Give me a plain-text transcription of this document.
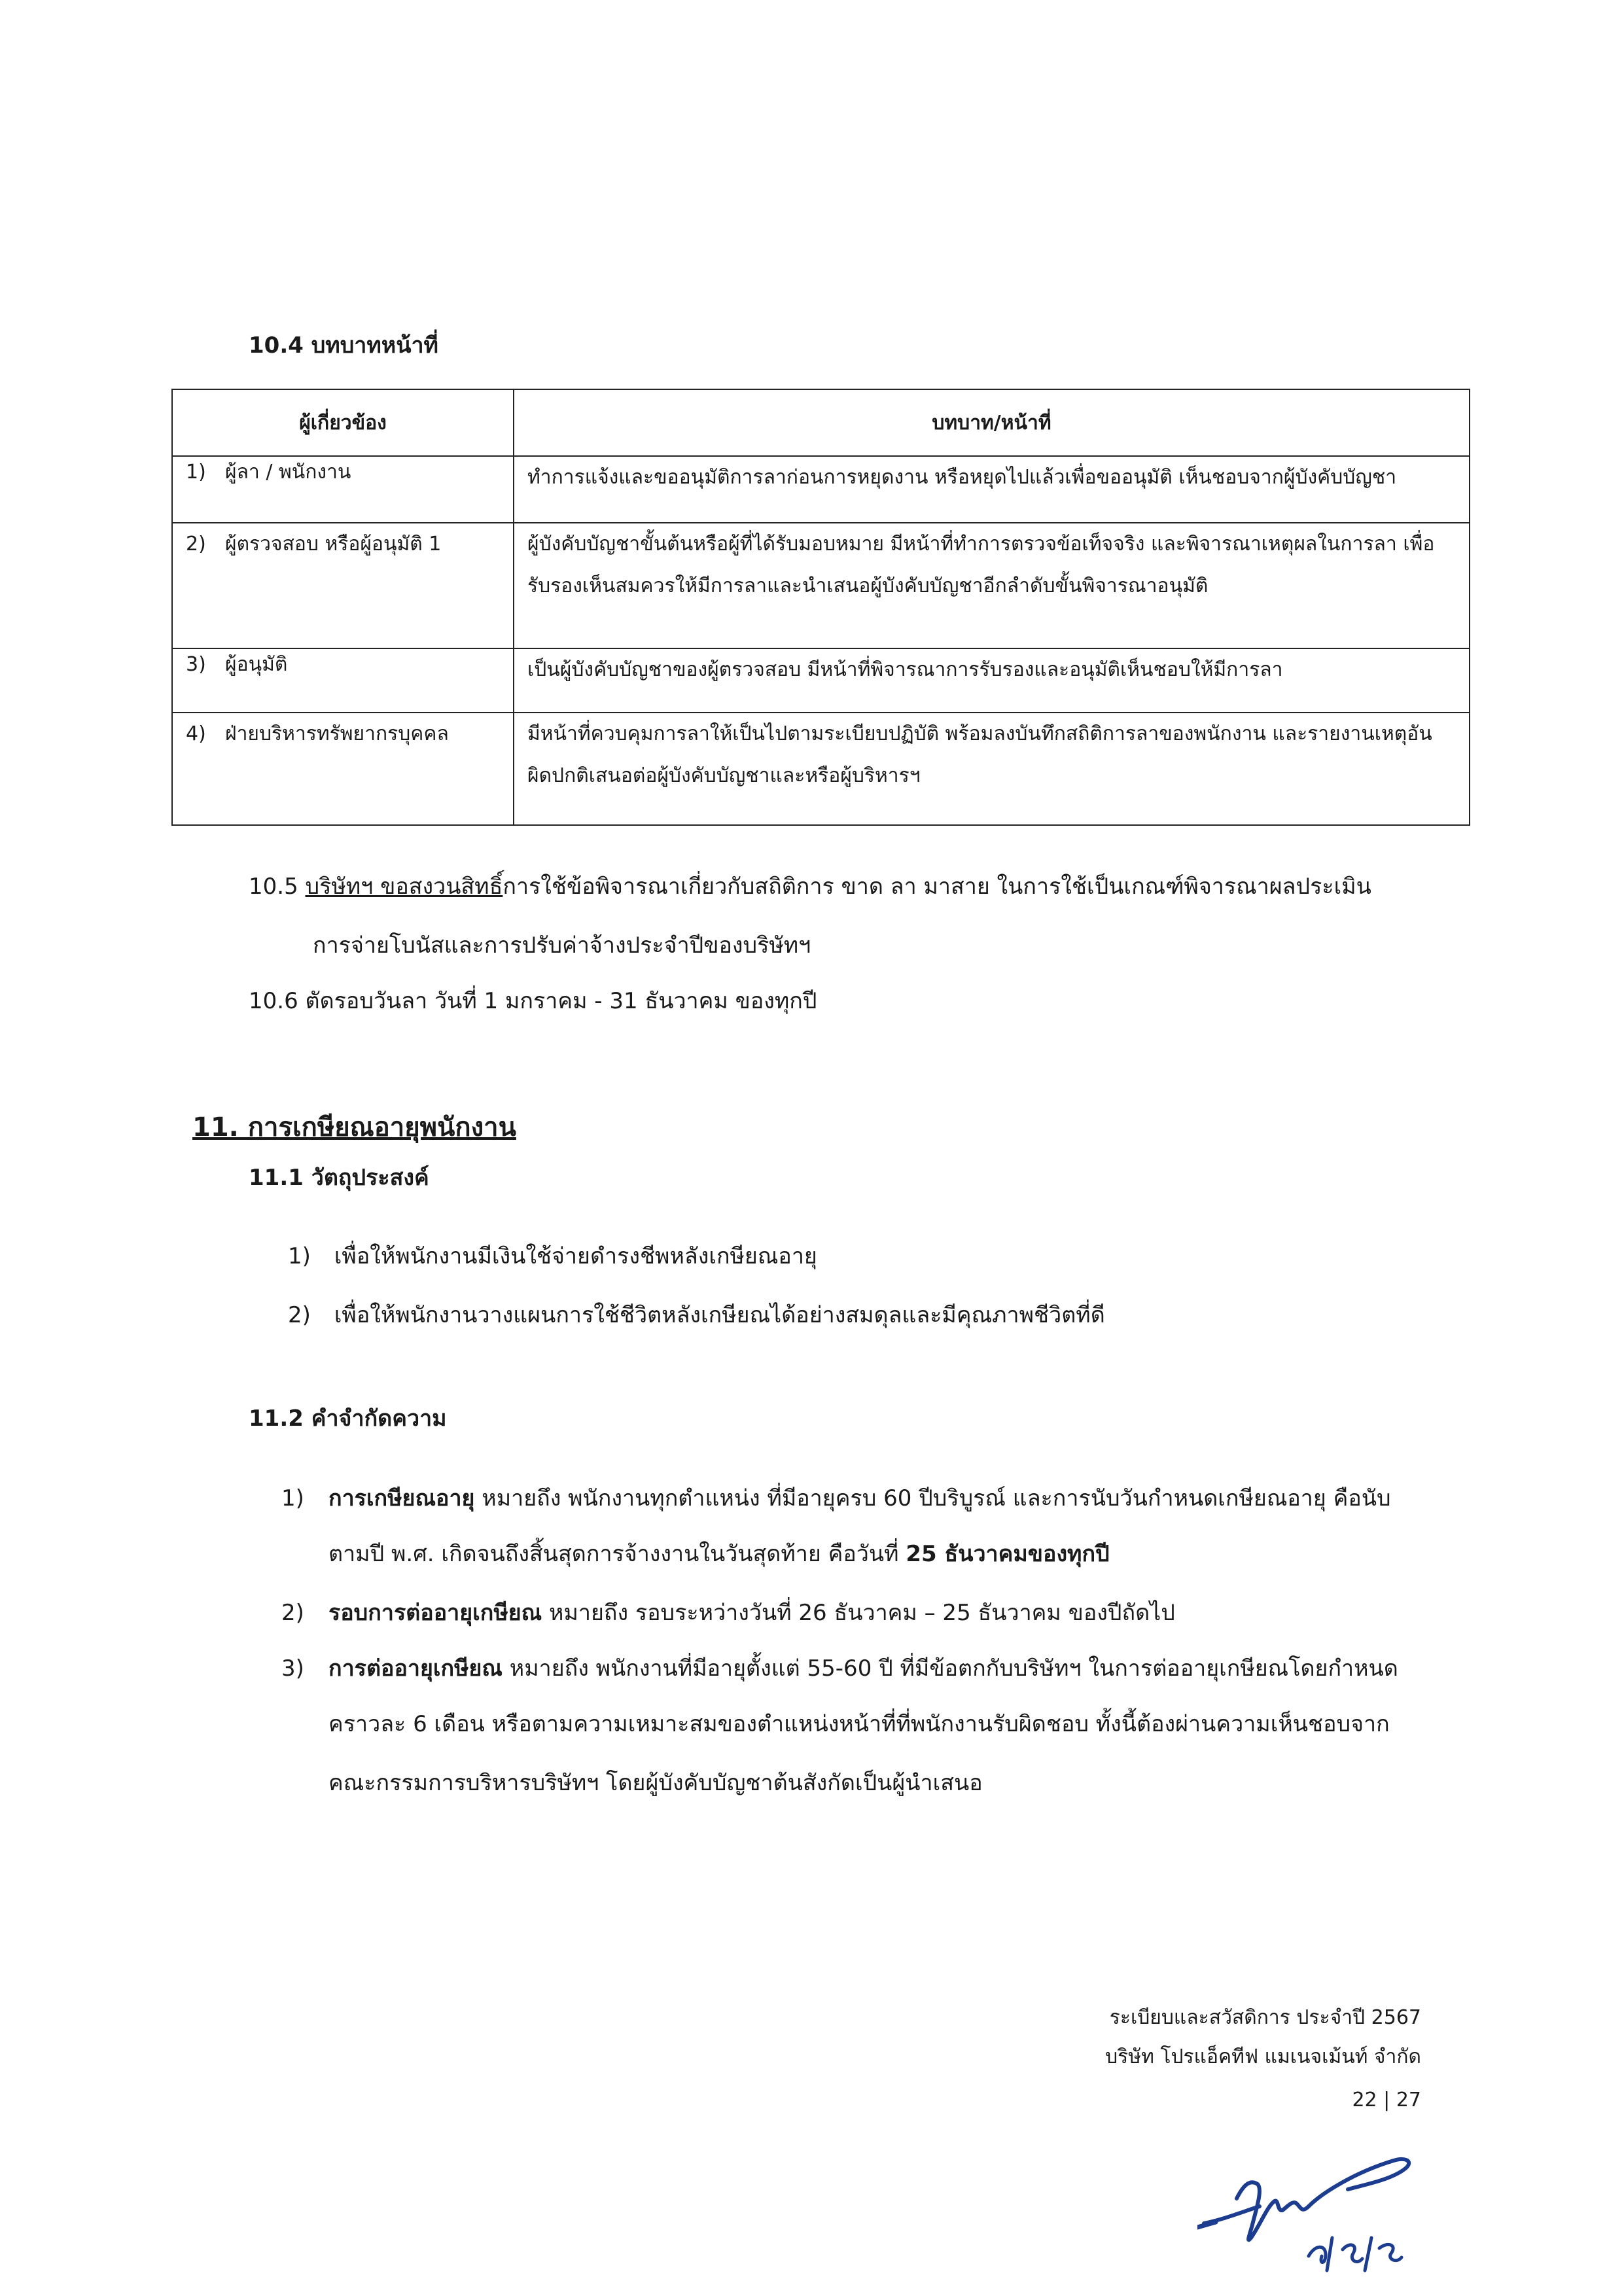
10.4 บทบาทหน้าที่
ผู้เกี่ยวข้อง	บทบาท/หน้าที่
1) ผู้ลา / พนักงาน	ทำการแจ้งและขออนุมัติการลาก่อนการหยุดงาน หรือหยุดไปแล้วเพื่อขออนุมัติ เห็นชอบจากผู้บังคับบัญชา

2) ผู้ตรวจสอบ หรือผู้อนุมัติ 1	ผู้บังคับบัญชาขั้นต้นหรือผู้ที่ได้รับมอบหมาย มีหน้าที่ทำการตรวจข้อเท็จจริง และพิจารณาเหตุผลในการลา เพื่อ
รับรองเห็นสมควรให้มีการลาและนำเสนอผู้บังคับบัญชาอีกลำดับขั้นพิจารณาอนุมัติ

3) ผู้อนุมัติ	เป็นผู้บังคับบัญชาของผู้ตรวจสอบ มีหน้าที่พิจารณาการรับรองและอนุมัติเห็นชอบให้มีการลา

4) ฝ่ายบริหารทรัพยากรบุคคล	มีหน้าที่ควบคุมการลาให้เป็นไปตามระเบียบปฏิบัติ พร้อมลงบันทึกสถิติการลาของพนักงาน และรายงานเหตุอัน
ผิดปกติเสนอต่อผู้บังคับบัญชาและหรือผู้บริหารฯ
10.5 บริษัทฯ ขอสงวนสิทธิ์การใช้ข้อพิจารณาเกี่ยวกับสถิติการ ขาด ลา มาสาย ในการใช้เป็นเกณฑ์พิจารณาผลประเมิน
การจ่ายโบนัสและการปรับค่าจ้างประจำปีของบริษัทฯ
10.6 ตัดรอบวันลา วันที่ 1 มกราคม - 31 ธันวาคม ของทุกปี
11. การเกษียณอายุพนักงาน
11.1 วัตถุประสงค์
1) เพื่อให้พนักงานมีเงินใช้จ่ายดำรงชีพหลังเกษียณอายุ
2) เพื่อให้พนักงานวางแผนการใช้ชีวิตหลังเกษียณได้อย่างสมดุลและมีคุณภาพชีวิตที่ดี
11.2 คำจำกัดความ
1) การเกษียณอายุ หมายถึง พนักงานทุกตำแหน่ง ที่มีอายุครบ 60 ปีบริบูรณ์ และการนับวันกำหนดเกษียณอายุ คือนับ
ตามปี พ.ศ. เกิดจนถึงสิ้นสุดการจ้างงานในวันสุดท้าย คือวันที่ 25 ธันวาคมของทุกปี
2) รอบการต่ออายุเกษียณ หมายถึง รอบระหว่างวันที่ 26 ธันวาคม – 25 ธันวาคม ของปีถัดไป
3) การต่ออายุเกษียณ หมายถึง พนักงานที่มีอายุตั้งแต่ 55-60 ปี ที่มีข้อตกกับบริษัทฯ ในการต่ออายุเกษียณโดยกำหนด
คราวละ 6 เดือน หรือตามความเหมาะสมของตำแหน่งหน้าที่ที่พนักงานรับผิดชอบ ทั้งนี้ต้องผ่านความเห็นชอบจาก
คณะกรรมการบริหารบริษัทฯ โดยผู้บังคับบัญชาต้นสังกัดเป็นผู้นำเสนอ
ระเบียบและสวัสดิการ ประจำปี 2567
บริษัท โปรแอ็คทีฟ แมเนจเม้นท์ จำกัด
22 | 27
